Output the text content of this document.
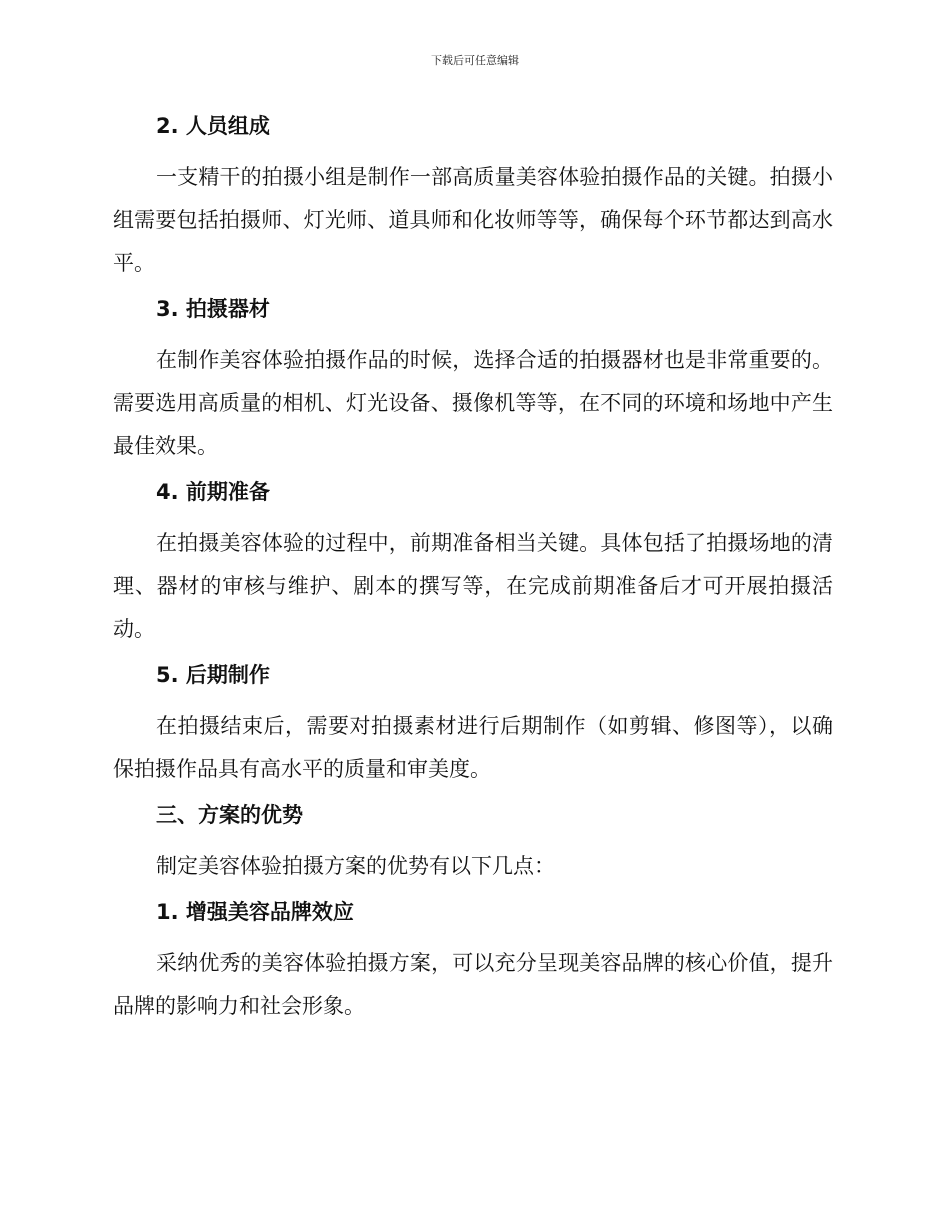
下载后可任意编辑
2. 人员组成

一支精干的拍摄小组是制作一部高质量美容体验拍摄作品的关键。拍摄小组需要包括拍摄师、灯光师、道具师和化妆师等等，确保每个环节都达到高水平。

3. 拍摄器材

在制作美容体验拍摄作品的时候，选择合适的拍摄器材也是非常重要的。需要选用高质量的相机、灯光设备、摄像机等等，在不同的环境和场地中产生最佳效果。

4. 前期准备

在拍摄美容体验的过程中，前期准备相当关键。具体包括了拍摄场地的清理、器材的审核与维护、剧本的撰写等，在完成前期准备后才可开展拍摄活动。

5. 后期制作

在拍摄结束后，需要对拍摄素材进行后期制作（如剪辑、修图等），以确保拍摄作品具有高水平的质量和审美度。

三、方案的优势

制定美容体验拍摄方案的优势有以下几点：

1. 增强美容品牌效应

采纳优秀的美容体验拍摄方案，可以充分呈现美容品牌的核心价值，提升品牌的影响力和社会形象。
